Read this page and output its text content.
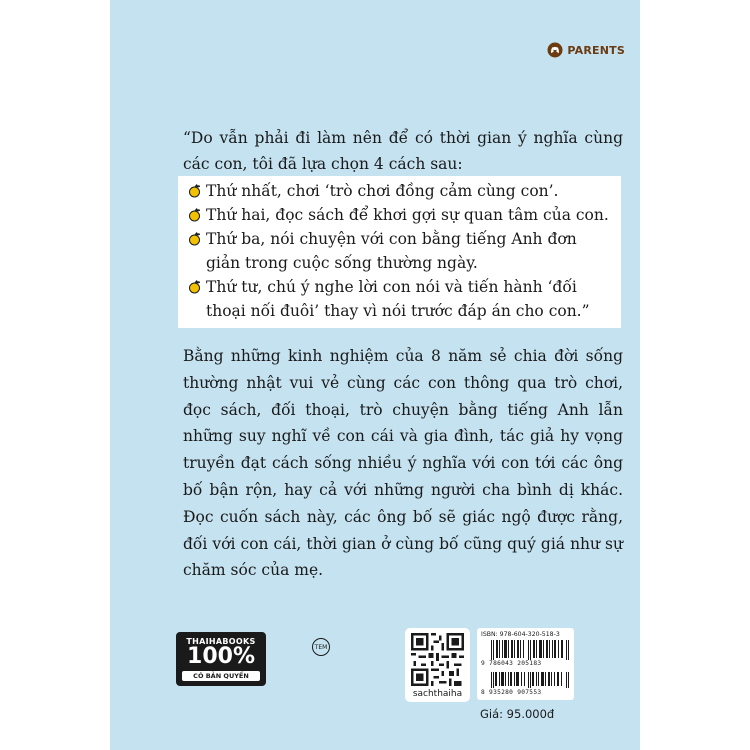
PARENTS

“Do vẫn phải đi làm nên để có thời gian ý nghĩa cùng các con, tôi đã lựa chọn 4 cách sau:

Thứ nhất, chơi ‘trò chơi đồng cảm cùng con’.
Thứ hai, đọc sách để khơi gợi sự quan tâm của con.
Thứ ba, nói chuyện với con bằng tiếng Anh đơn giản trong cuộc sống thường ngày.
Thứ tư, chú ý nghe lời con nói và tiến hành ‘đối thoại nối đuôi’ thay vì nói trước đáp án cho con.”

Bằng những kinh nghiệm của 8 năm sẻ chia đời sống thường nhật vui vẻ cùng các con thông qua trò chơi, đọc sách, đối thoại, trò chuyện bằng tiếng Anh lẫn những suy nghĩ về con cái và gia đình, tác giả hy vọng truyền đạt cách sống nhiều ý nghĩa với con tới các ông bố bận rộn, hay cả với những người cha bình dị khác. Đọc cuốn sách này, các ông bố sẽ giác ngộ được rằng, đối với con cái, thời gian ở cùng bố cũng quý giá như sự chăm sóc của mẹ.

THAIHABOOKS
100%
CÓ BẢN QUYỀN
TEM
sachthaiha
ISBN: 978-604-320-518-3
9 786043 205183
8 935280 907553
Giá: 95.000đ
